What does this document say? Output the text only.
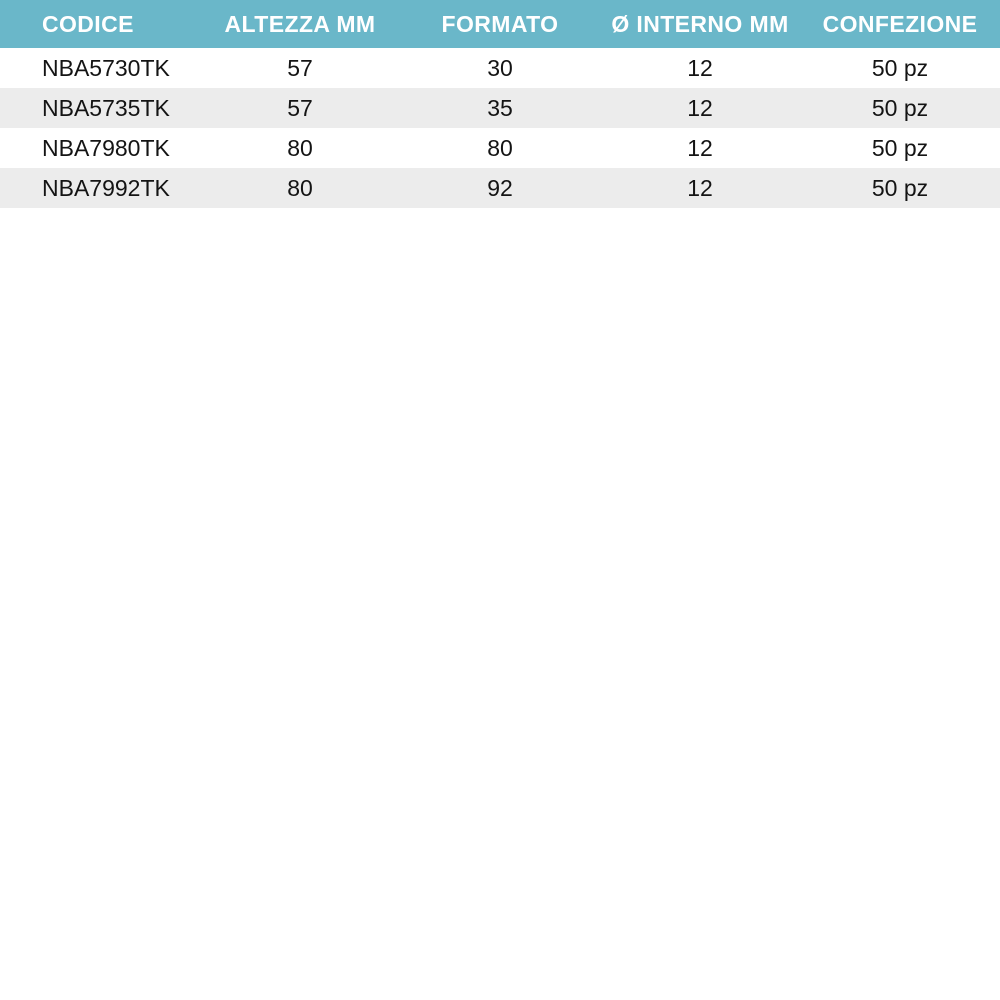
CODICE	ALTEZZA MM	FORMATO	Ø INTERNO MM	CONFEZIONE
NBA5730TK	57	30	12	50 pz
NBA5735TK	57	35	12	50 pz
NBA7980TK	80	80	12	50 pz
NBA7992TK	80	92	12	50 pz
